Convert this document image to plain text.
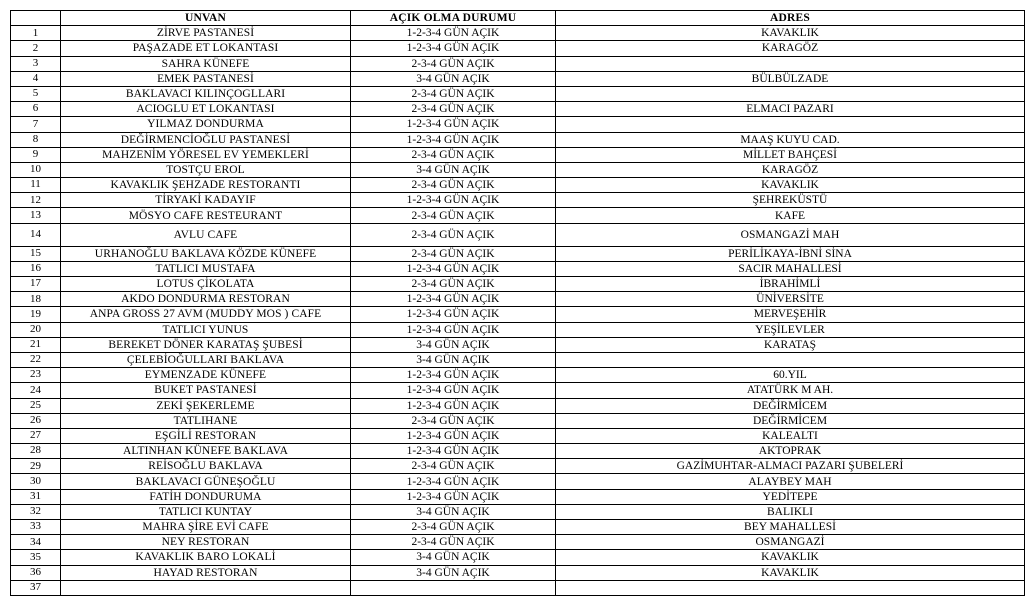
	UNVAN	AÇIK OLMA DURUMU	ADRES
1	ZİRVE PASTANESİ	1-2-3-4 GÜN AÇIK	KAVAKLIK
2	PAŞAZADE ET LOKANTASI	1-2-3-4 GÜN AÇIK	KARAGÖZ
3	SAHRA KÜNEFE	2-3-4 GÜN AÇIK	
4	EMEK PASTANESİ	3-4 GÜN AÇIK	BÜLBÜLZADE
5	BAKLAVACI KILINÇOGLLARI	2-3-4 GÜN AÇIK	
6	ACIOGLU ET LOKANTASI	2-3-4 GÜN AÇIK	ELMACI PAZARI
7	YILMAZ DONDURMA	1-2-3-4 GÜN AÇIK	
8	DEĞİRMENCİOĞLU PASTANESİ	1-2-3-4 GÜN AÇIK	MAAŞ KUYU CAD.
9	MAHZENİM YÖRESEL EV YEMEKLERİ	2-3-4 GÜN AÇIK	MİLLET BAHÇESİ
10	TOSTÇU EROL	3-4 GÜN AÇIK	KARAGÖZ
11	KAVAKLIK ŞEHZADE RESTORANTI	2-3-4 GÜN AÇIK	KAVAKLIK
12	TİRYAKİ KADAYIF	1-2-3-4 GÜN AÇIK	ŞEHREKÜSTÜ
13	MÖSYO CAFE RESTEURANT	2-3-4 GÜN AÇIK	KAFE
14	AVLU CAFE	2-3-4 GÜN AÇIK	OSMANGAZİ MAH
15	URHANOĞLU BAKLAVA KÖZDE KÜNEFE	2-3-4 GÜN AÇIK	PERİLİKAYA-İBNİ SİNA
16	TATLICI MUSTAFA	1-2-3-4 GÜN AÇIK	SACIR MAHALLESİ
17	LOTUS ÇİKOLATA	2-3-4 GÜN AÇIK	İBRAHİMLİ
18	AKDO DONDURMA RESTORAN	1-2-3-4 GÜN AÇIK	ÜNİVERSİTE
19	ANPA GROSS 27 AVM (MUDDY MOS ) CAFE	1-2-3-4 GÜN AÇIK	MERVEŞEHİR
20	TATLICI YUNUS	1-2-3-4 GÜN AÇIK	YEŞİLEVLER
21	BEREKET DÖNER KARATAŞ ŞUBESİ	3-4 GÜN AÇIK	KARATAŞ
22	ÇELEBİOĞULLARI BAKLAVA	3-4 GÜN AÇIK	
23	EYMENZADE KÜNEFE	1-2-3-4 GÜN AÇIK	60.YIL
24	BUKET PASTANESİ	1-2-3-4 GÜN AÇIK	ATATÜRK M AH.
25	ZEKİ ŞEKERLEME	1-2-3-4 GÜN AÇIK	DEĞİRMİCEM
26	TATLIHANE	2-3-4 GÜN AÇIK	DEĞİRMİCEM
27	EŞGİLİ RESTORAN	1-2-3-4 GÜN AÇIK	KALEALTI
28	ALTINHAN KÜNEFE BAKLAVA	1-2-3-4 GÜN AÇIK	AKTOPRAK
29	REİSOĞLU BAKLAVA	2-3-4 GÜN AÇIK	GAZİMUHTAR-ALMACI PAZARI ŞUBELERİ
30	BAKLAVACI GÜNEŞOĞLU	1-2-3-4 GÜN AÇIK	ALAYBEY MAH
31	FATİH DONDURUMA	1-2-3-4 GÜN AÇIK	YEDİTEPE
32	TATLICI KUNTAY	3-4 GÜN AÇIK	BALIKLI
33	MAHRA ŞİRE EVİ CAFE	2-3-4 GÜN AÇIK	BEY MAHALLESİ
34	NEY RESTORAN	2-3-4 GÜN AÇIK	OSMANGAZİ
35	KAVAKLIK BARO LOKALİ	3-4 GÜN AÇIK	KAVAKLIK
36	HAYAD RESTORAN	3-4 GÜN AÇIK	KAVAKLIK
37			
